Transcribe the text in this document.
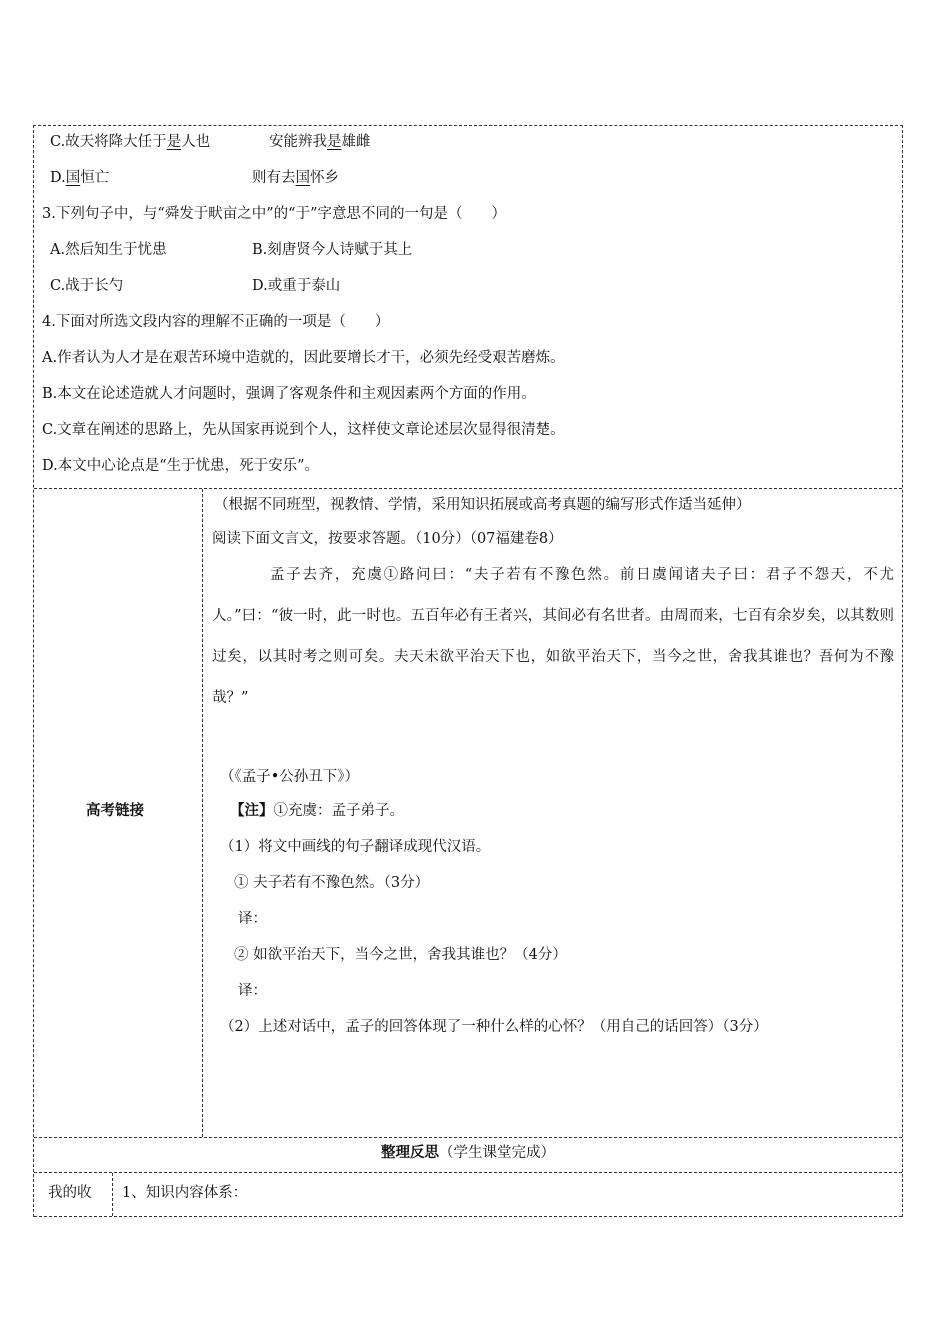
C.故天将降大任于是人也	安能辨我是雄雌
D.国恒亡	则有去国怀乡
3.下列句子中，与“舜发于畎亩之中”的“于”字意思不同的一句是（　　）
A.然后知生于忧患	B.刻唐贤今人诗赋于其上
C.战于长勺	D.或重于泰山
4.下面对所选文段内容的理解不正确的一项是（　　）
A.作者认为人才是在艰苦环境中造就的，因此要增长才干，必须先经受艰苦磨炼。
B.本文在论述造就人才问题时，强调了客观条件和主观因素两个方面的作用。
C.文章在阐述的思路上，先从国家再说到个人，这样使文章论述层次显得很清楚。
D.本文中心论点是“生于忧患，死于安乐”。
高考链接
（根据不同班型，视教情、学情，采用知识拓展或高考真题的编写形式作适当延伸）
阅读下面文言文，按要求答题。（10分）（07福建卷8）
孟子去齐，充虞①路问曰：“夫子若有不豫色然。前日虞闻诸夫子曰：君子不怨天，不尤人。”曰：“彼一时，此一时也。五百年必有王者兴，其间必有名世者。由周而来，七百有余岁矣，以其数则过矣，以其时考之则可矣。夫天未欲平治天下也，如欲平治天下，当今之世，舍我其谁也？吾何为不豫哉？”
（《孟子•公孙丑下》）
【注】①充虞：孟子弟子。
（1）将文中画线的句子翻译成现代汉语。
① 夫子若有不豫色然。（3分）
译：
② 如欲平治天下，当今之世，舍我其谁也？（4分）
译：
（2）上述对话中，孟子的回答体现了一种什么样的心怀？（用自己的话回答）（3分）
整理反思（学生课堂完成）
我的收 1、知识内容体系：
